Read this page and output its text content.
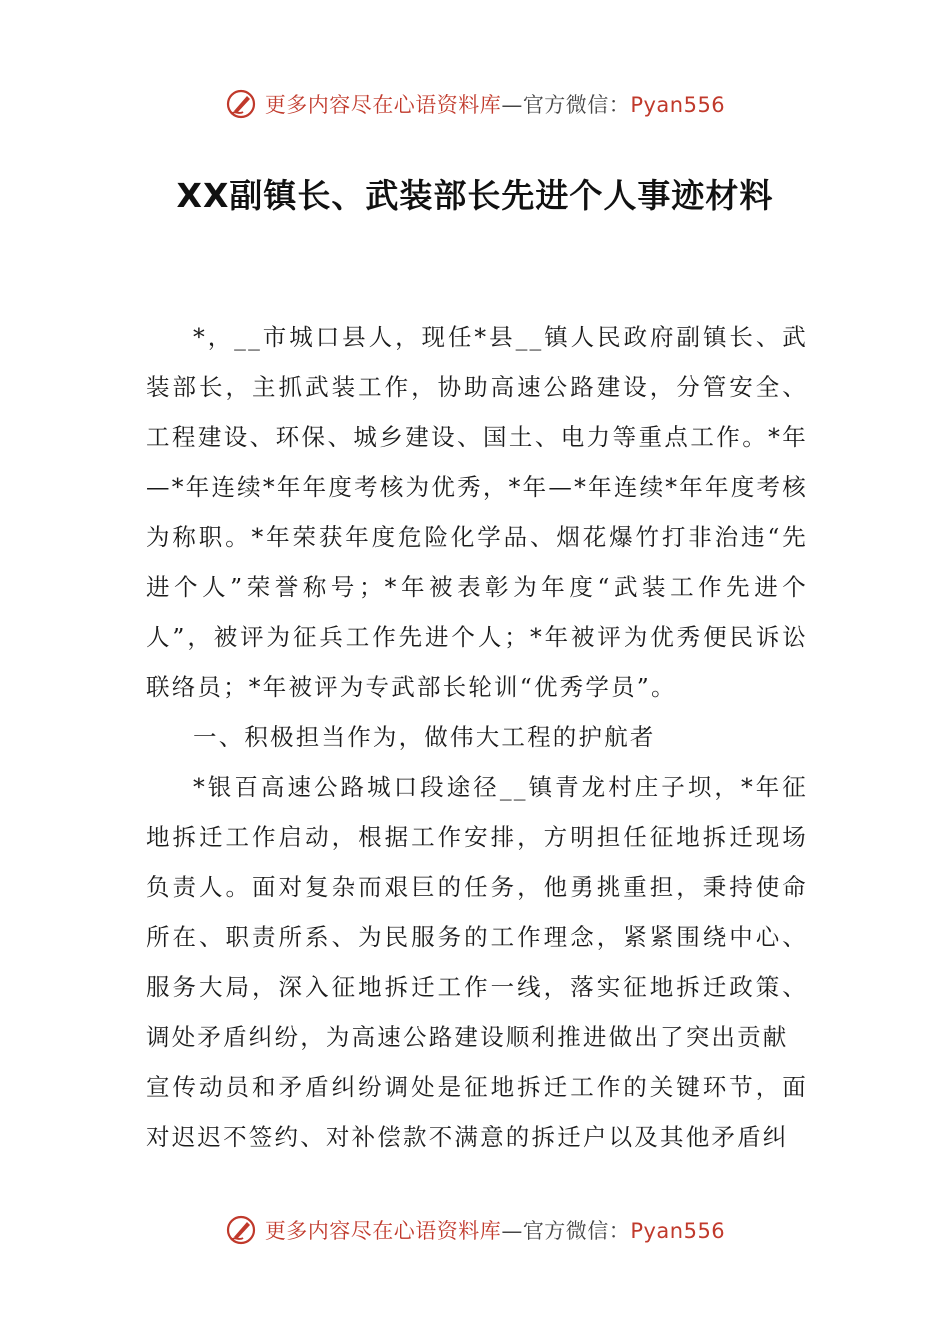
更多内容尽在心语资料库—官方微信：Pyan556
XX副镇长、武装部长先进个人事迹材料

*，__市城口县人，现任*县__镇人民政府副镇长、武装部长，主抓武装工作，协助高速公路建设，分管安全、工程建设、环保、城乡建设、国土、电力等重点工作。*年—*年连续*年年度考核为优秀，*年—*年连续*年年度考核为称职。*年荣获年度危险化学品、烟花爆竹打非治违“先进个人”荣誉称号；*年被表彰为年度“武装工作先进个人”，被评为征兵工作先进个人；*年被评为优秀便民诉讼联络员；*年被评为专武部长轮训“优秀学员”。

一、积极担当作为，做伟大工程的护航者

*银百高速公路城口段途径__镇青龙村庄子坝，*年征地拆迁工作启动，根据工作安排，方明担任征地拆迁现场负责人。面对复杂而艰巨的任务，他勇挑重担，秉持使命所在、职责所系、为民服务的工作理念，紧紧围绕中心、服务大局，深入征地拆迁工作一线，落实征地拆迁政策、调处矛盾纠纷，为高速公路建设顺利推进做出了突出贡献

宣传动员和矛盾纠纷调处是征地拆迁工作的关键环节，面对迟迟不签约、对补偿款不满意的拆迁户以及其他矛盾纠

更多内容尽在心语资料库—官方微信：Pyan556
